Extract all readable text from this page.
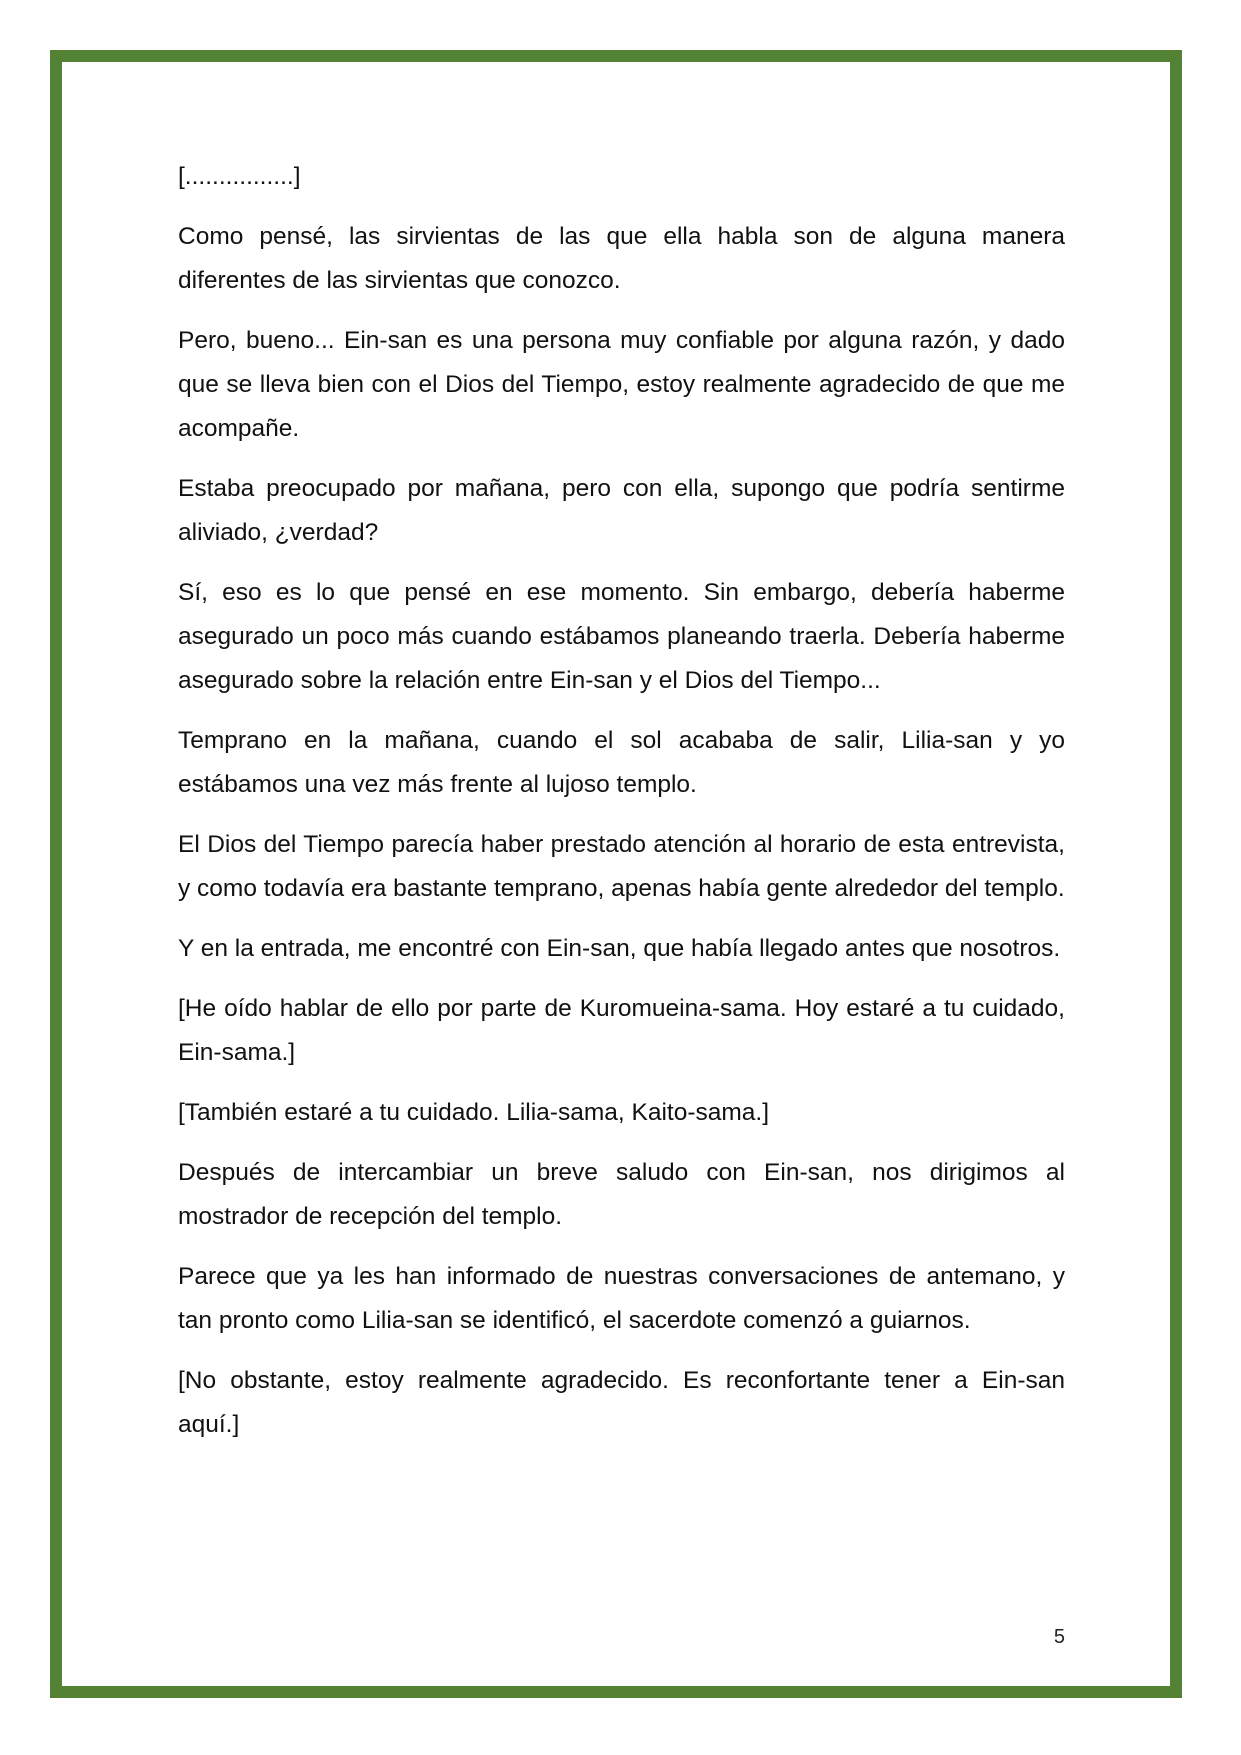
[................]

Como pensé, las sirvientas de las que ella habla son de alguna manera diferentes de las sirvientas que conozco.

Pero, bueno... Ein-san es una persona muy confiable por alguna razón, y dado que se lleva bien con el Dios del Tiempo, estoy realmente agradecido de que me acompañe.

Estaba preocupado por mañana, pero con ella, supongo que podría sentirme aliviado, ¿verdad?

Sí, eso es lo que pensé en ese momento. Sin embargo, debería haberme asegurado un poco más cuando estábamos planeando traerla. Debería haberme asegurado sobre la relación entre Ein-san y el Dios del Tiempo...

Temprano en la mañana, cuando el sol acababa de salir, Lilia-san y yo estábamos una vez más frente al lujoso templo.

El Dios del Tiempo parecía haber prestado atención al horario de esta entrevista, y como todavía era bastante temprano, apenas había gente alrededor del templo.

Y en la entrada, me encontré con Ein-san, que había llegado antes que nosotros.

[He oído hablar de ello por parte de Kuromueina-sama. Hoy estaré a tu cuidado, Ein-sama.]

[También estaré a tu cuidado. Lilia-sama, Kaito-sama.]

Después de intercambiar un breve saludo con Ein-san, nos dirigimos al mostrador de recepción del templo.

Parece que ya les han informado de nuestras conversaciones de antemano, y tan pronto como Lilia-san se identificó, el sacerdote comenzó a guiarnos.

[No obstante, estoy realmente agradecido. Es reconfortante tener a Ein-san aquí.]

5
